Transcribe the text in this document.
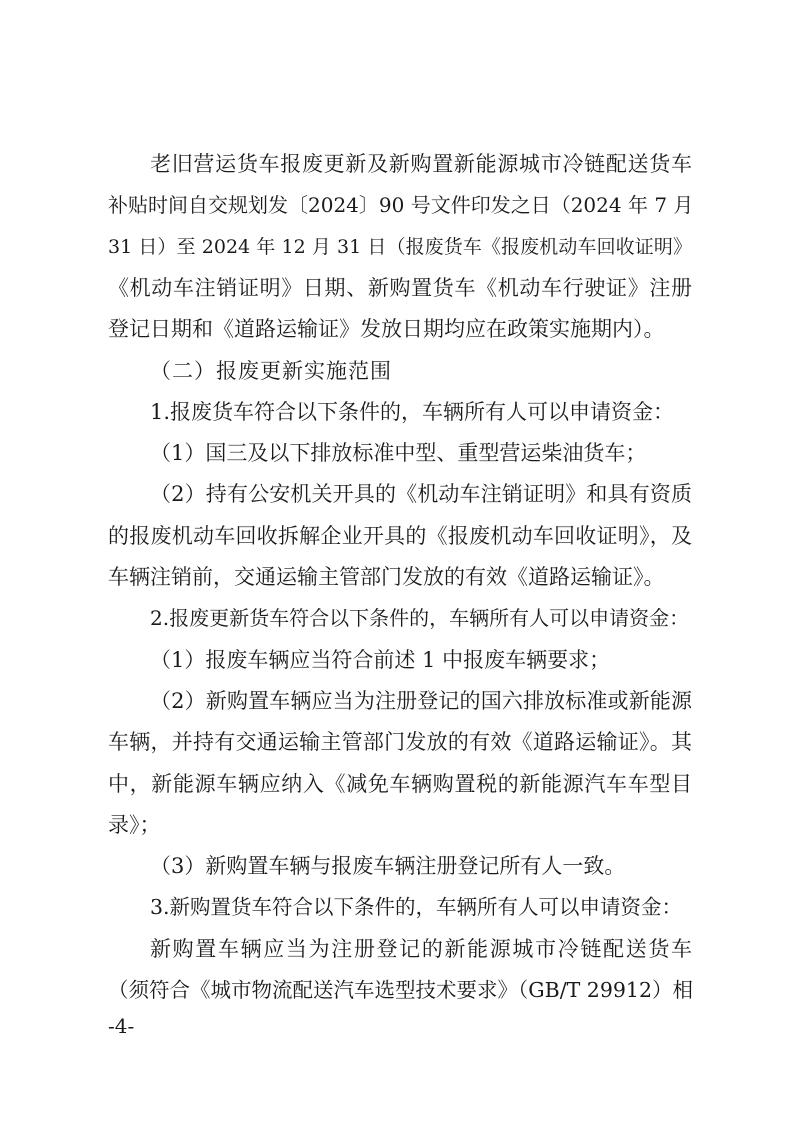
老旧营运货车报废更新及新购置新能源城市冷链配送货车
补贴时间自交规划发〔2024〕90 号文件印发之日（2024 年 7 月
31 日）至 2024 年 12 月 31 日（报废货车《报废机动车回收证明》
《机动车注销证明》日期、新购置货车《机动车行驶证》注册
登记日期和《道路运输证》发放日期均应在政策实施期内）。
（二）报废更新实施范围
1.报废货车符合以下条件的，车辆所有人可以申请资金：
（1）国三及以下排放标准中型、重型营运柴油货车；
（2）持有公安机关开具的《机动车注销证明》和具有资质
的报废机动车回收拆解企业开具的《报废机动车回收证明》，及
车辆注销前，交通运输主管部门发放的有效《道路运输证》。
2.报废更新货车符合以下条件的，车辆所有人可以申请资金：
（1）报废车辆应当符合前述 1 中报废车辆要求；
（2）新购置车辆应当为注册登记的国六排放标准或新能源
车辆，并持有交通运输主管部门发放的有效《道路运输证》。其
中，新能源车辆应纳入《减免车辆购置税的新能源汽车车型目
录》；
（3）新购置车辆与报废车辆注册登记所有人一致。
3.新购置货车符合以下条件的，车辆所有人可以申请资金：
新购置车辆应当为注册登记的新能源城市冷链配送货车
（须符合《城市物流配送汽车选型技术要求》（GB/T 29912）相
-4-
